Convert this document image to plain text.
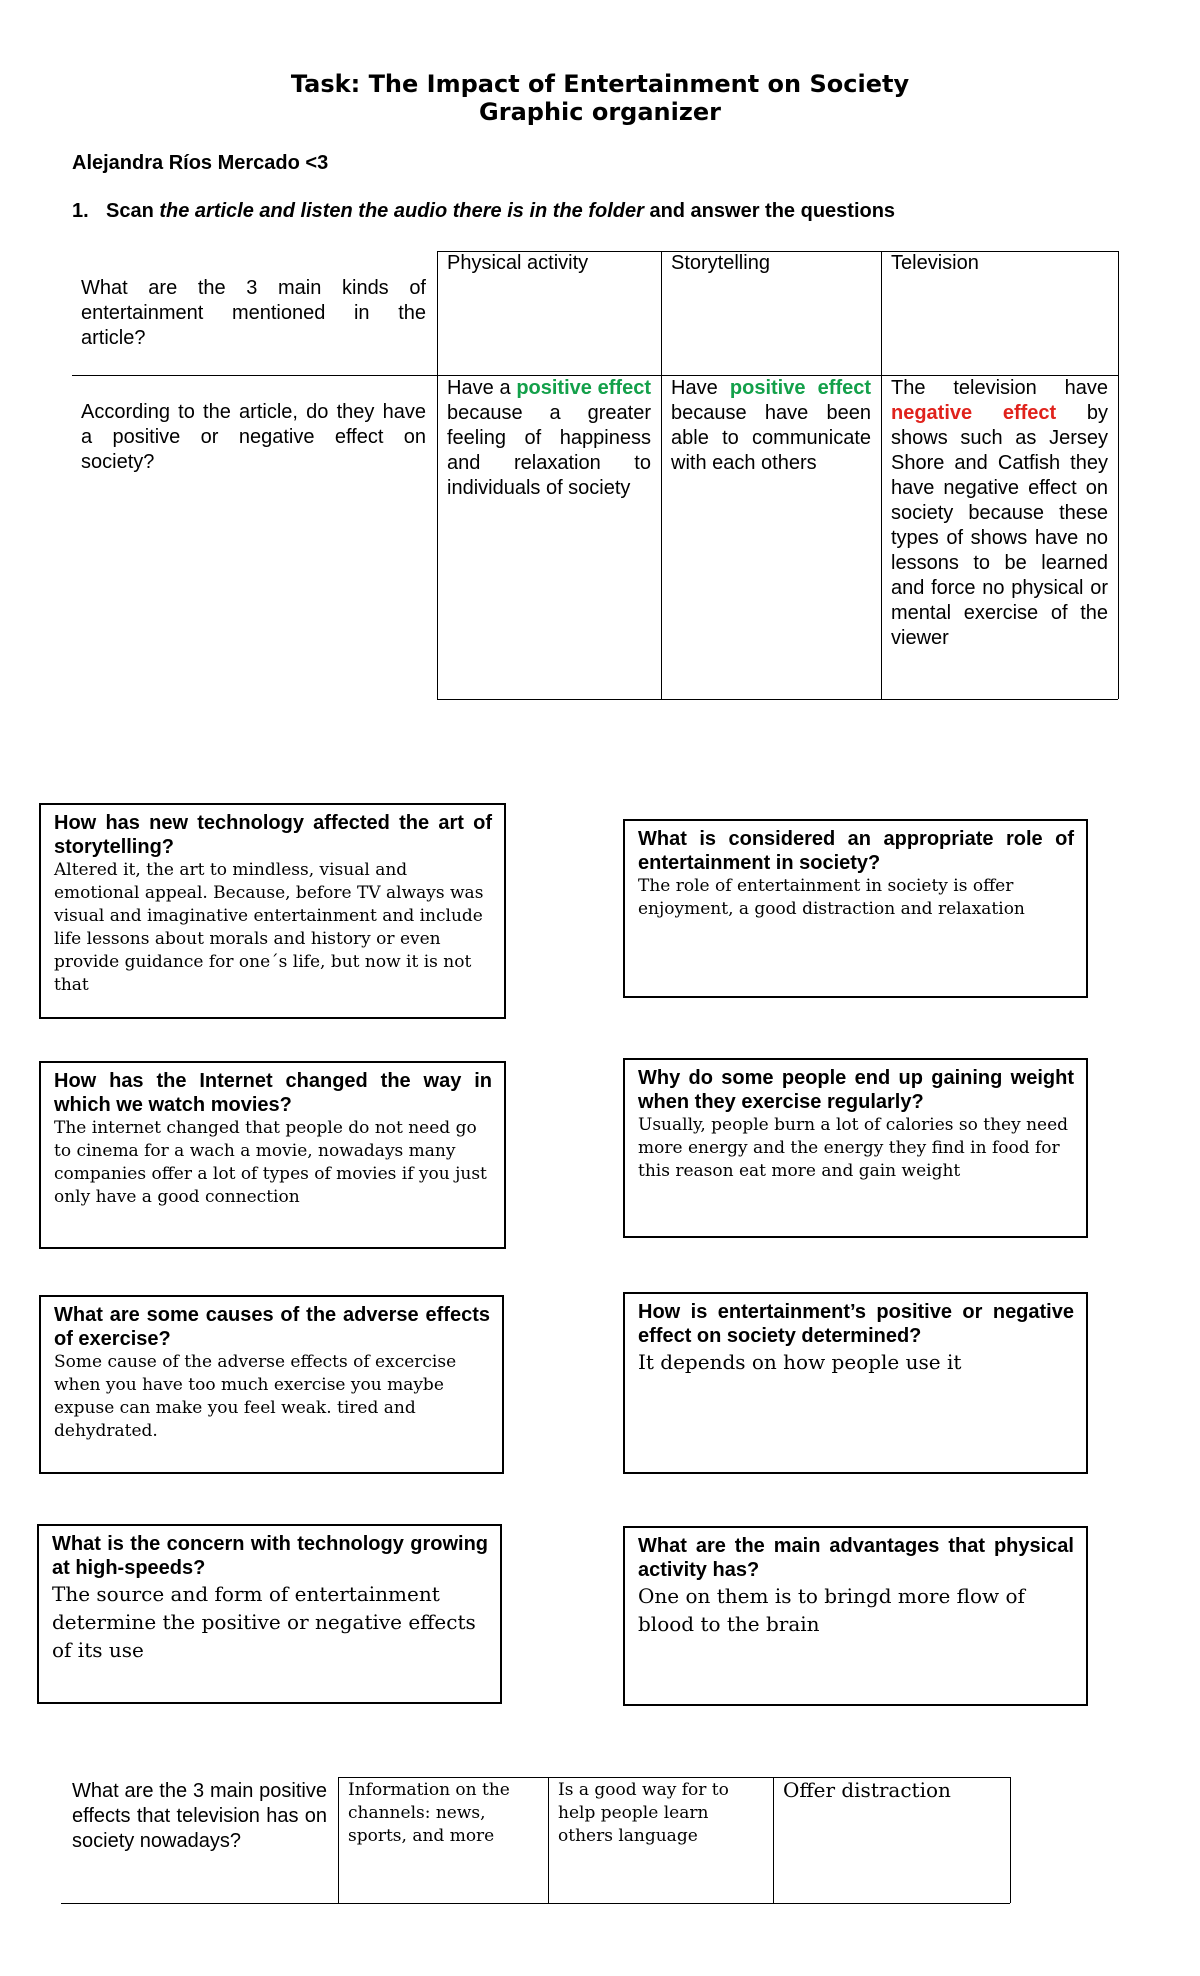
Task: The Impact of Entertainment on Society
Graphic organizer
Alejandra Ríos Mercado <3
1. Scan the article and listen the audio there is in the folder and answer the questions
What are the 3 main kinds of entertainment mentioned in the article?
Physical activity	Storytelling	Television
According to the article, do they have a positive or negative effect on society?
Have a positive effect because a greater feeling of happiness and relaxation to individuals of society
Have positive effect because have been able to communicate with each others
The television have negative effect by shows such as Jersey Shore and Catfish they have negative effect on society because these types of shows have no lessons to be learned and force no physical or mental exercise of the viewer
How has new technology affected the art of storytelling?
Altered it, the art to mindless, visual and emotional appeal. Because, before TV always was visual and imaginative entertainment and include life lessons about morals and history or even provide guidance for one´s life, but now it is not that
What is considered an appropriate role of entertainment in society?
The role of entertainment in society is offer enjoyment, a good distraction and relaxation
How has the Internet changed the way in which we watch movies?
The internet changed that people do not need go to cinema for a wach a movie, nowadays many companies offer a lot of types of movies if you just only have a good connection
Why do some people end up gaining weight when they exercise regularly?
Usually, people burn a lot of calories so they need more energy and the energy they find in food for this reason eat more and gain weight
What are some causes of the adverse effects of exercise?
Some cause of the adverse effects of excercise when you have too much exercise you maybe expuse can make you feel weak. tired and dehydrated.
How is entertainment’s positive or negative effect on society determined?
It depends on how people use it
What is the concern with technology growing at high-speeds?
The source and form of entertainment determine the positive or negative effects of its use
What are the main advantages that physical activity has?
One on them is to bringd more flow of blood to the brain
What are the 3 main positive effects that television has on society nowadays?
Information on the channels: news, sports, and more
Is a good way for to help people learn others language
Offer distraction
